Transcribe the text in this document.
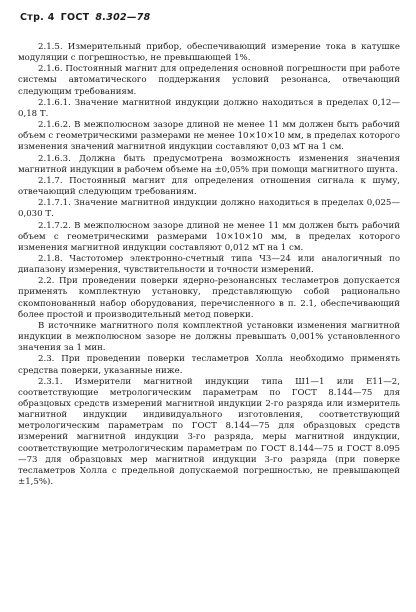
Стр. 4 ГОСТ 8.302—78

2.1.5. Измерительный прибор, обеспечивающий измерение тока в катушке модуляции с погрешностью, не превышающей 1%.

2.1.6. Постоянный магнит для определения основной погрешности при работе системы автоматического поддержания условий резонанса, отвечающий следующим требованиям.

2.1.6.1. Значение магнитной индукции должно находиться в пределах 0,12—0,18 Т.

2.1.6.2. В межполюсном зазоре длиной не менее 11 мм должен быть рабочий объем с геометрическими размерами не менее 10×10×10 мм, в пределах которого изменения значений магнитной индукции составляют 0,03 мТ на 1 см.

2.1.6.3. Должна быть предусмотрена возможность изменения значения магнитной индукции в рабочем объеме на ±0,05% при помощи магнитного шунта.

2.1.7. Постоянный магнит для определения отношения сигнала к шуму, отвечающий следующим требованиям.

2.1.7.1. Значение магнитной индукции должно находиться в пределах 0,025—0,030 Т.

2.1.7.2. В межполюсном зазоре длиной не менее 11 мм должен быть рабочий объем с геометрическими размерами 10×10×10 мм, в пределах которого изменения магнитной индукции составляют 0,012 мТ на 1 см.

2.1.8. Частотомер электронно-счетный типа Ч3—24 или аналогичный по диапазону измерения, чувствительности и точности измерений.

2.2. При проведении поверки ядерно-резонансных тесламетров допускается применять комплектную установку, представляющую собой рационально скомпонованный набор оборудования, перечисленного в п. 2.1, обеспечивающий более простой и производительный метод поверки.

В источнике магнитного поля комплектной установки изменения магнитной индукции в межполюсном зазоре не должны превышать 0,001% установленного значения за 1 мин.

2.3. При проведении поверки тесламетров Холла необходимо применять средства поверки, указанные ниже.

2.3.1. Измерители магнитной индукции типа Ш1—1 или Е11—2, соответствующие метрологическим параметрам по ГОСТ 8.144—75 для образцовых средств измерений магнитной индукции 2-го разряда или измеритель магнитной индукции индивидуального изготовления, соответствующий метрологическим параметрам по ГОСТ 8.144—75 для образцовых средств измерений магнитной индукции 3-го разряда, меры магнитной индукции, соответствующие метрологическим параметрам по ГОСТ 8.144—75 и ГОСТ 8.095—73 для образцовых мер магнитной индукции 3-го разряда (при поверке тесламетров Холла с предельной допускаемой погрешностью, не превышающей ±1,5%).
